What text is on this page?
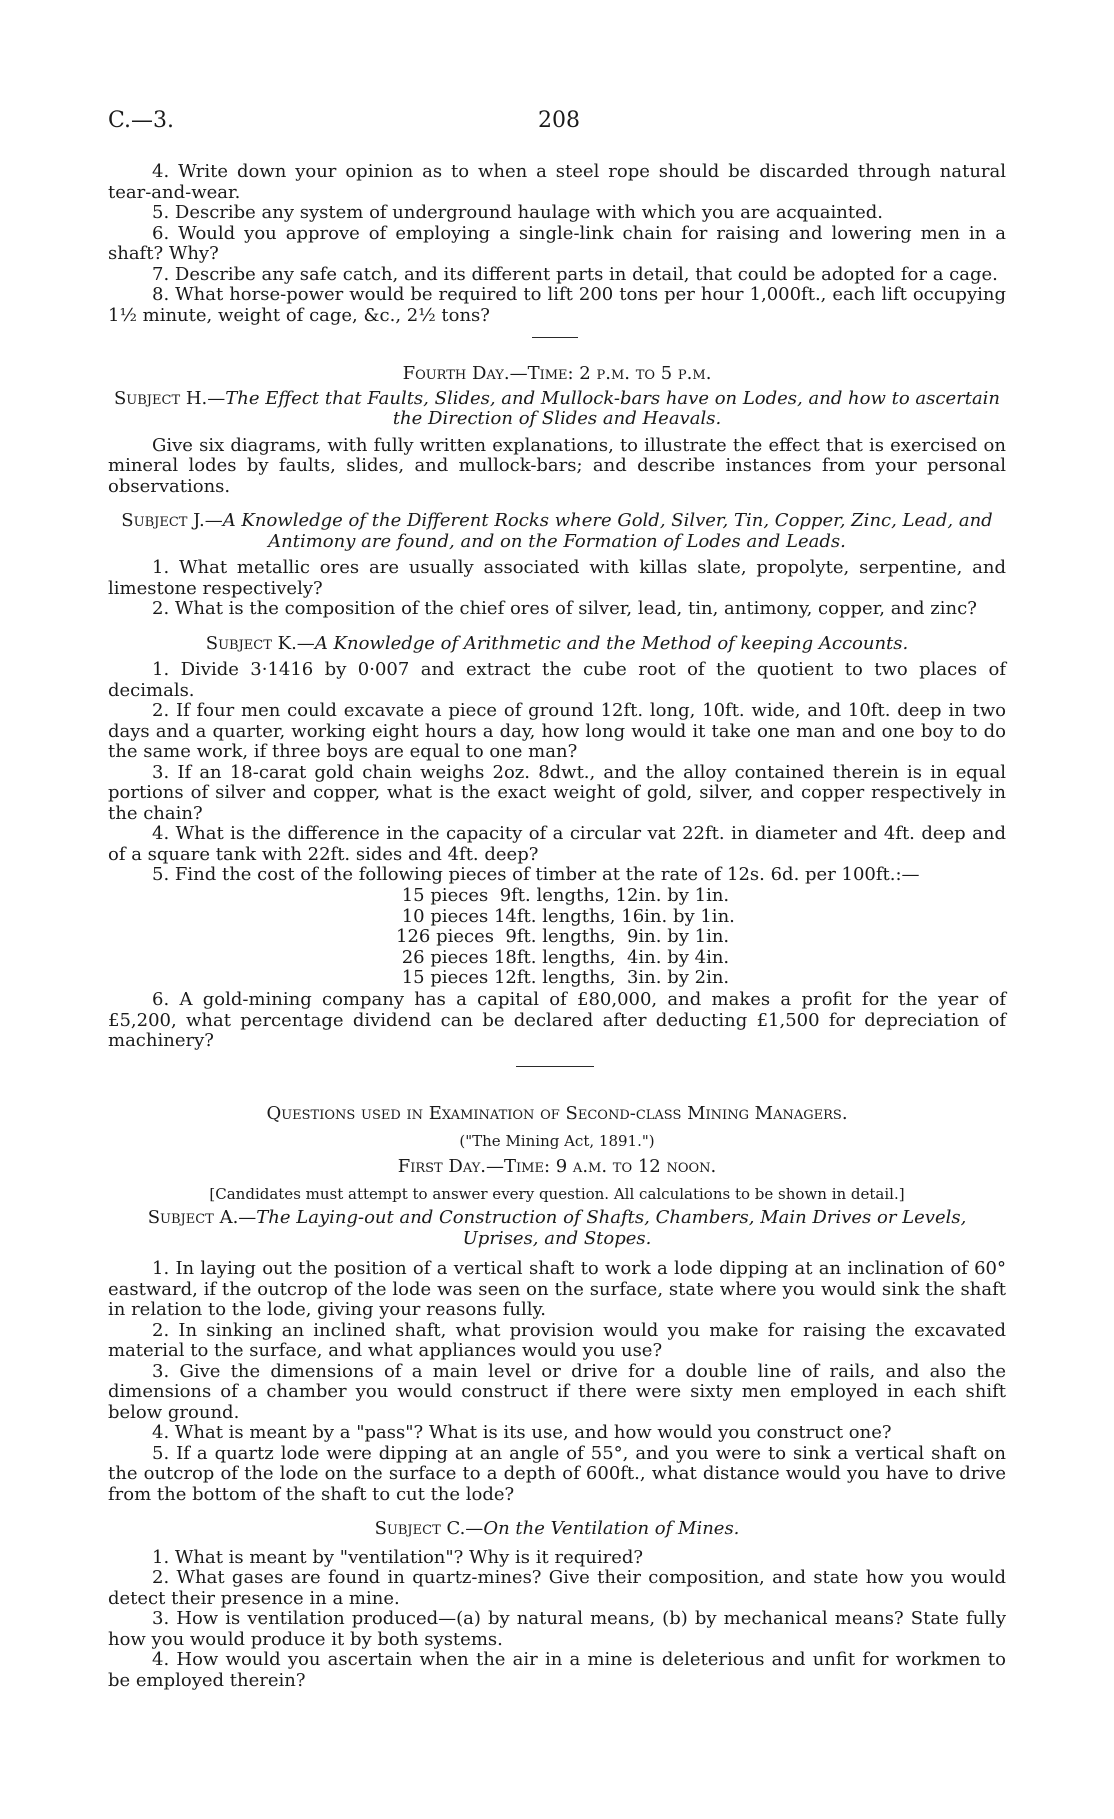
C.—3.	208

4. Write down your opinion as to when a steel rope should be discarded through natural tear-and-wear.

5. Describe any system of underground haulage with which you are acquainted.

6. Would you approve of employing a single-link chain for raising and lowering men in a shaft? Why?

7. Describe any safe catch, and its different parts in detail, that could be adopted for a cage.

8. What horse-power would be required to lift 200 tons per hour 1,000ft., each lift occupying 1½ minute, weight of cage, &c., 2½ tons?

Fourth Day.—Time: 2 p.m. to 5 p.m.

Subject H.—The Effect that Faults, Slides, and Mullock-bars have on Lodes, and how to ascertain the Direction of Slides and Heavals.

Give six diagrams, with fully written explanations, to illustrate the effect that is exercised on mineral lodes by faults, slides, and mullock-bars; and describe instances from your personal observations.

Subject J.—A Knowledge of the Different Rocks where Gold, Silver, Tin, Copper, Zinc, Lead, and Antimony are found, and on the Formation of Lodes and Leads.

1. What metallic ores are usually associated with killas slate, propolyte, serpentine, and limestone respectively?

2. What is the composition of the chief ores of silver, lead, tin, antimony, copper, and zinc?

Subject K.—A Knowledge of Arithmetic and the Method of keeping Accounts.

1. Divide 3·1416 by 0·007 and extract the cube root of the quotient to two places of decimals.

2. If four men could excavate a piece of ground 12ft. long, 10ft. wide, and 10ft. deep in two days and a quarter, working eight hours a day, how long would it take one man and one boy to do the same work, if three boys are equal to one man?

3. If an 18-carat gold chain weighs 2oz. 8dwt., and the alloy contained therein is in equal portions of silver and copper, what is the exact weight of gold, silver, and copper respectively in the chain?

4. What is the difference in the capacity of a circular vat 22ft. in diameter and 4ft. deep and of a square tank with 22ft. sides and 4ft. deep?

5. Find the cost of the following pieces of timber at the rate of 12s. 6d. per 100ft.:—

15 pieces  9ft. lengths, 12in. by 1in.
10 pieces 14ft. lengths, 16in. by 1in.
126 pieces  9ft. lengths,  9in. by 1in.
26 pieces 18ft. lengths,  4in. by 4in.
15 pieces 12ft. lengths,  3in. by 2in.

6. A gold-mining company has a capital of £80,000, and makes a profit for the year of £5,200, what percentage dividend can be declared after deducting £1,500 for depreciation of machinery?

Questions used in Examination of Second-class Mining Managers.

("The Mining Act, 1891.")

First Day.—Time: 9 a.m. to 12 noon.

[Candidates must attempt to answer every question. All calculations to be shown in detail.]

Subject A.—The Laying-out and Construction of Shafts, Chambers, Main Drives or Levels, Uprises, and Stopes.

1. In laying out the position of a vertical shaft to work a lode dipping at an inclination of 60° eastward, if the outcrop of the lode was seen on the surface, state where you would sink the shaft in relation to the lode, giving your reasons fully.

2. In sinking an inclined shaft, what provision would you make for raising the excavated material to the surface, and what appliances would you use?

3. Give the dimensions of a main level or drive for a double line of rails, and also the dimensions of a chamber you would construct if there were sixty men employed in each shift below ground.

4. What is meant by a "pass"? What is its use, and how would you construct one?

5. If a quartz lode were dipping at an angle of 55°, and you were to sink a vertical shaft on the outcrop of the lode on the surface to a depth of 600ft., what distance would you have to drive from the bottom of the shaft to cut the lode?

Subject C.—On the Ventilation of Mines.

1. What is meant by "ventilation"? Why is it required?

2. What gases are found in quartz-mines? Give their composition, and state how you would detect their presence in a mine.

3. How is ventilation produced—(a) by natural means, (b) by mechanical means? State fully how you would produce it by both systems.

4. How would you ascertain when the air in a mine is deleterious and unfit for workmen to be employed therein?
